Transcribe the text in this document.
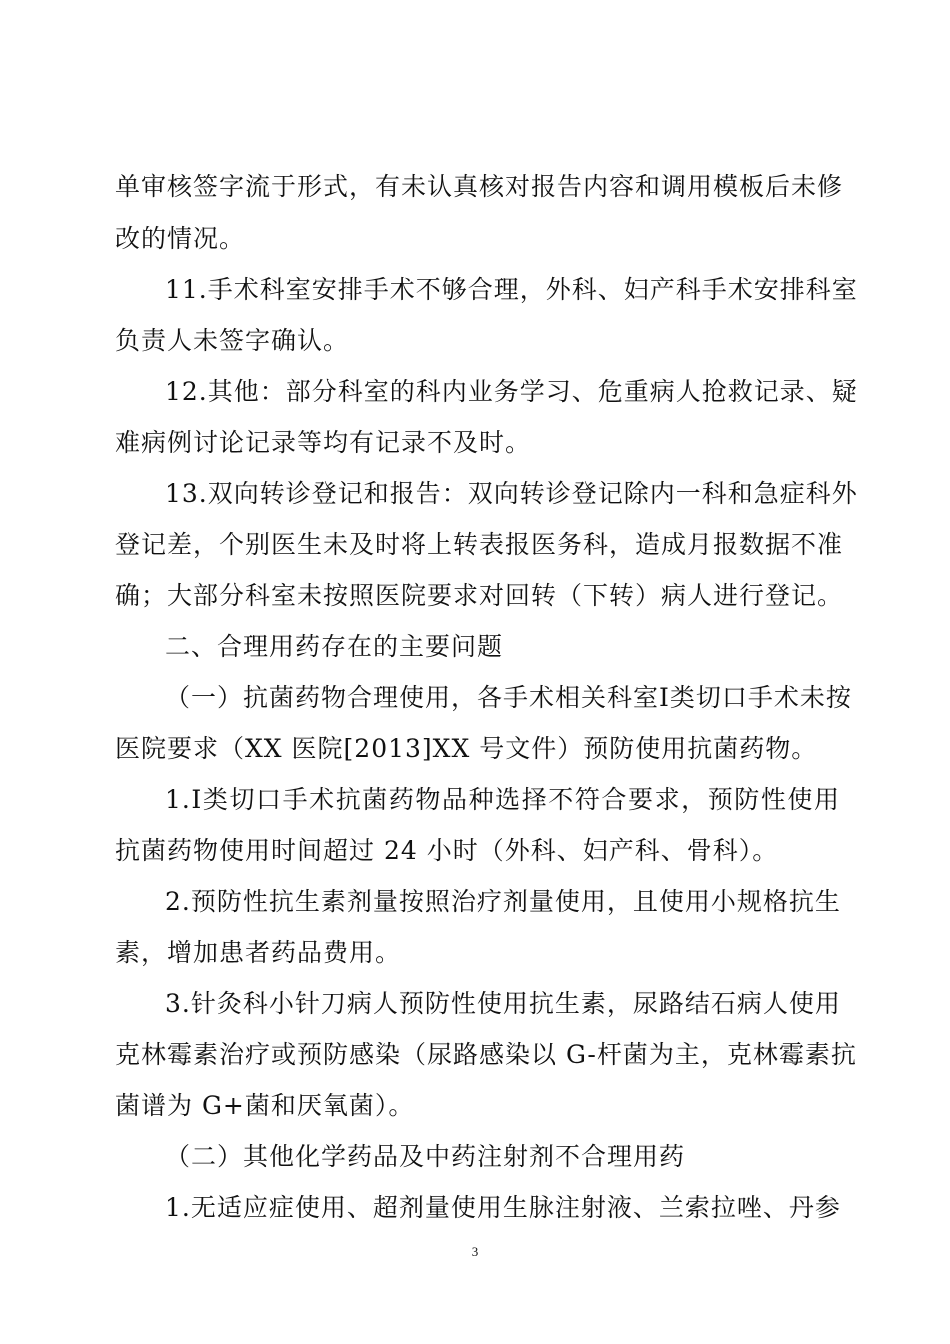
单审核签字流于形式，有未认真核对报告内容和调用模板后未修
改的情况。
11.手术科室安排手术不够合理，外科、妇产科手术安排科室
负责人未签字确认。
12.其他：部分科室的科内业务学习、危重病人抢救记录、疑
难病例讨论记录等均有记录不及时。
13.双向转诊登记和报告：双向转诊登记除内一科和急症科外
登记差，个别医生未及时将上转表报医务科，造成月报数据不准
确；大部分科室未按照医院要求对回转（下转）病人进行登记。
二、合理用药存在的主要问题
（一）抗菌药物合理使用，各手术相关科室Ⅰ类切口手术未按
医院要求（XX 医院[2013]XX 号文件）预防使用抗菌药物。
1.Ⅰ类切口手术抗菌药物品种选择不符合要求，预防性使用
抗菌药物使用时间超过 24 小时（外科、妇产科、骨科）。
2.预防性抗生素剂量按照治疗剂量使用，且使用小规格抗生
素，增加患者药品费用。
3.针灸科小针刀病人预防性使用抗生素，尿路结石病人使用
克林霉素治疗或预防感染（尿路感染以 G-杆菌为主，克林霉素抗
菌谱为 G+菌和厌氧菌）。
（二）其他化学药品及中药注射剂不合理用药
1.无适应症使用、超剂量使用生脉注射液、兰索拉唑、丹参
3
